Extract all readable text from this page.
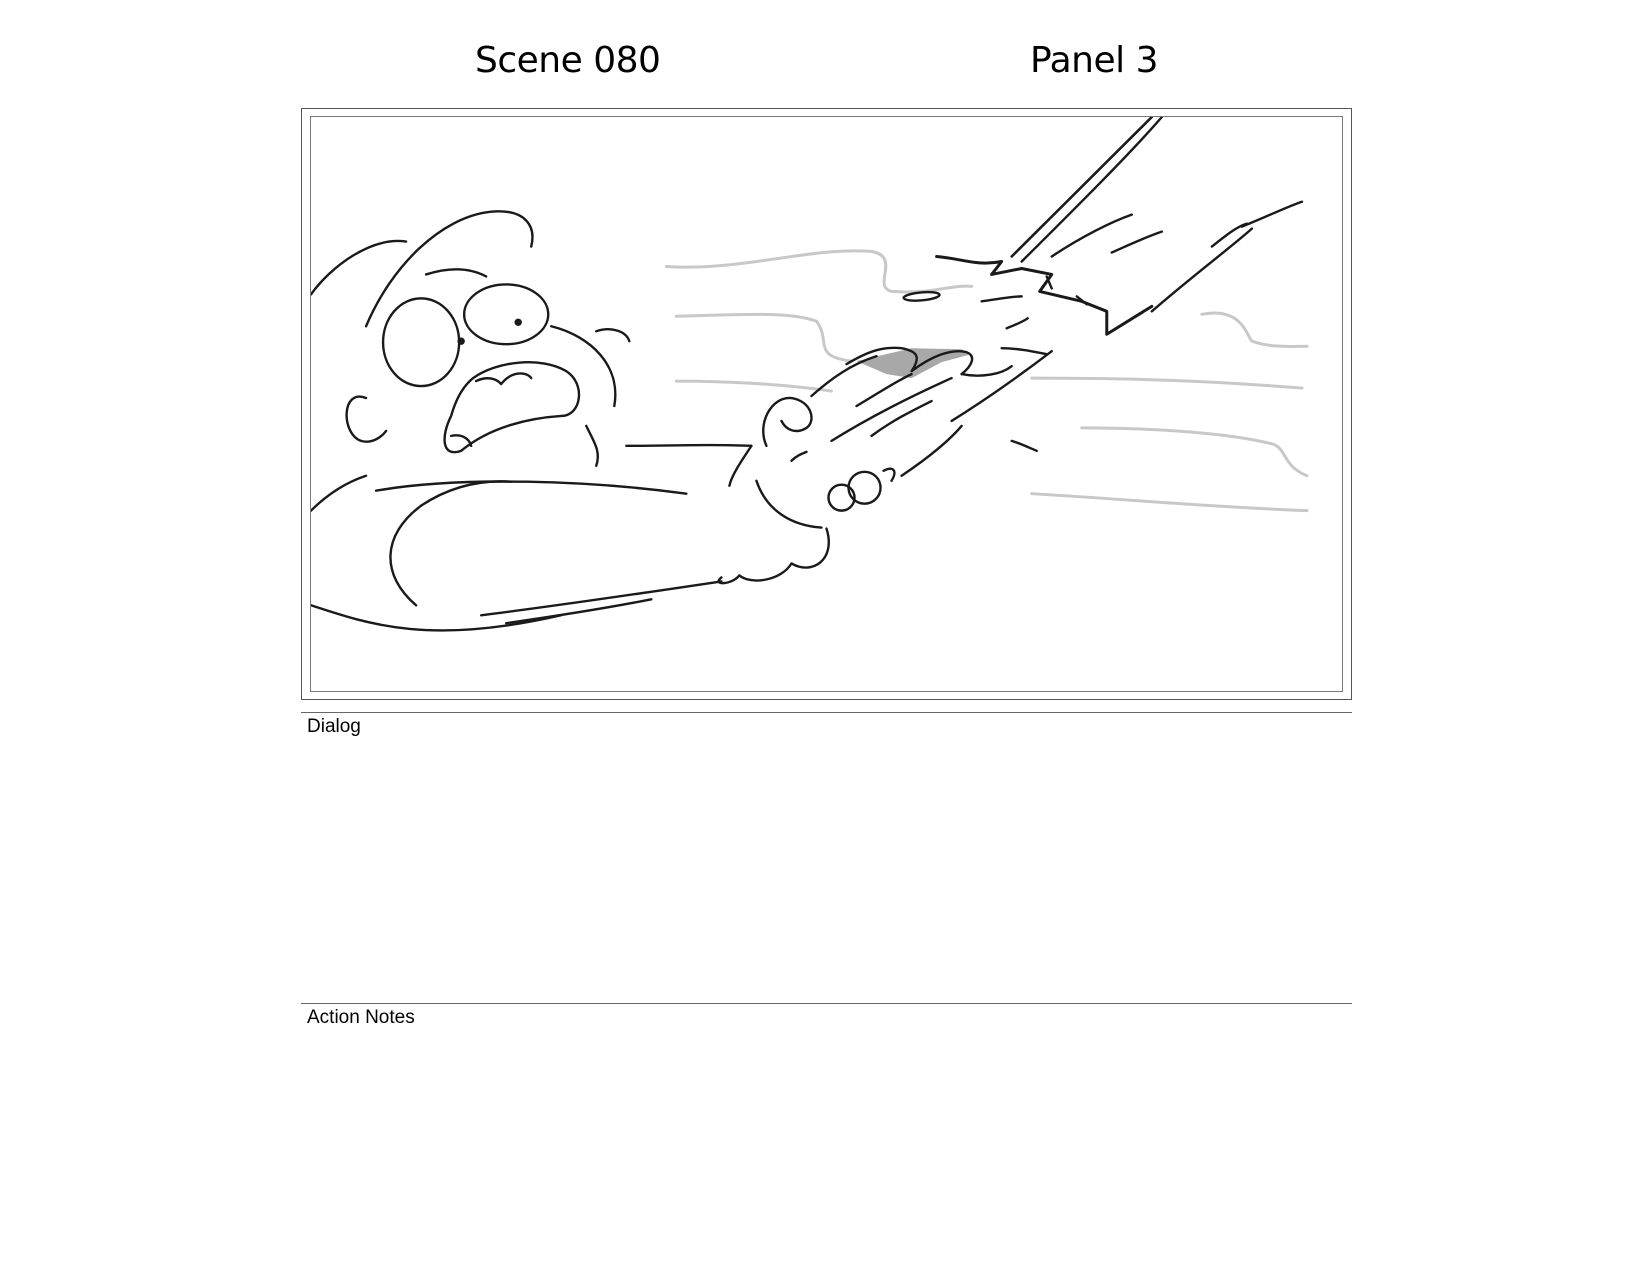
Scene 080	Panel 3
Dialog
Action Notes
